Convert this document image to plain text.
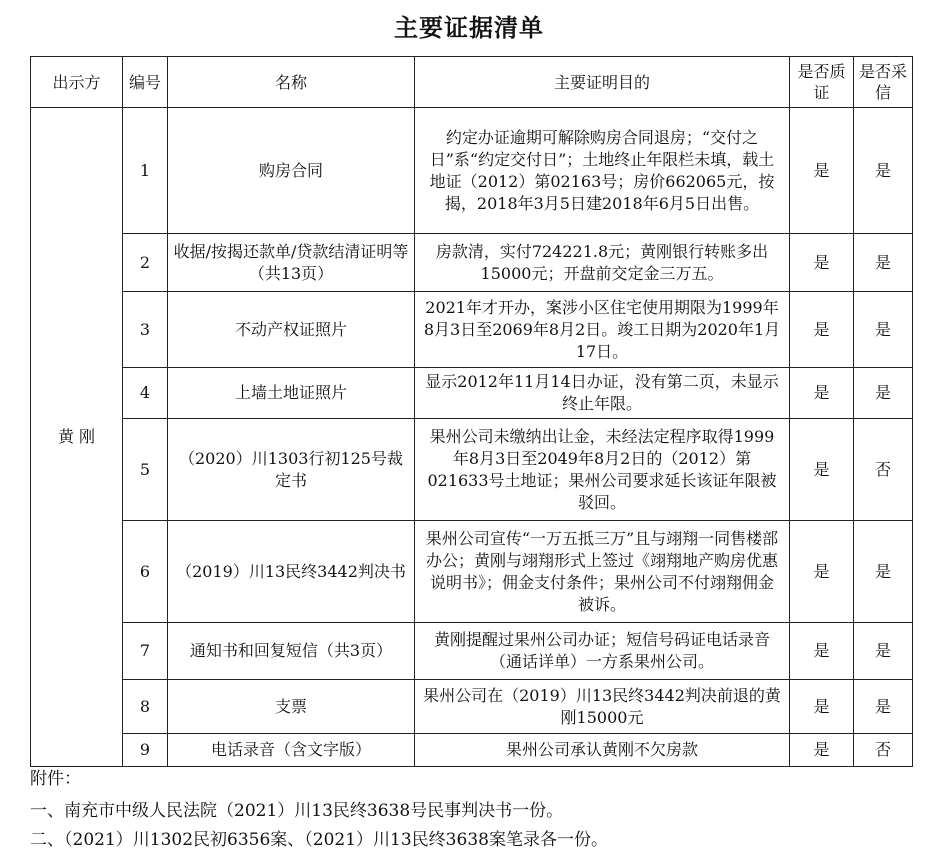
主要证据清单
出示方	编号	名称	主要证明目的	是否质证	是否采信
黄 刚	1	购房合同	约定办证逾期可解除购房合同退房；“交付之日”系“约定交付日”；土地终止年限栏未填，载土地证（2012）第02163号；房价662065元，按揭，2018年3月5日建2018年6月5日出售。	是	是
	2	收据/按揭还款单/贷款结清证明等（共13页）	房款清，实付724221.8元；黄刚银行转账多出15000元；开盘前交定金三万五。	是	是
	3	不动产权证照片	2021年才开办，案涉小区住宅使用期限为1999年8月3日至2069年8月2日。竣工日期为2020年1月17日。	是	是
	4	上墙土地证照片	显示2012年11月14日办证，没有第二页，未显示终止年限。	是	是
	5	（2020）川1303行初125号裁定书	果州公司未缴纳出让金，未经法定程序取得1999年8月3日至2049年8月2日的（2012）第021633号土地证；果州公司要求延长该证年限被驳回。	是	否
	6	（2019）川13民终3442判决书	果州公司宣传“一万五抵三万”且与翊翔一同售楼部办公；黄刚与翊翔形式上签过《翊翔地产购房优惠说明书》；佣金支付条件；果州公司不付翊翔佣金被诉。	是	是
	7	通知书和回复短信（共3页）	黄刚提醒过果州公司办证；短信号码证电话录音（通话详单）一方系果州公司。	是	是
	8	支票	果州公司在（2019）川13民终3442判决前退的黄刚15000元	是	是
	9	电话录音（含文字版）	果州公司承认黄刚不欠房款	是	否
附件：
一、南充市中级人民法院（2021）川13民终3638号民事判决书一份。
二、（2021）川1302民初6356案、（2021）川13民终3638案笔录各一份。
